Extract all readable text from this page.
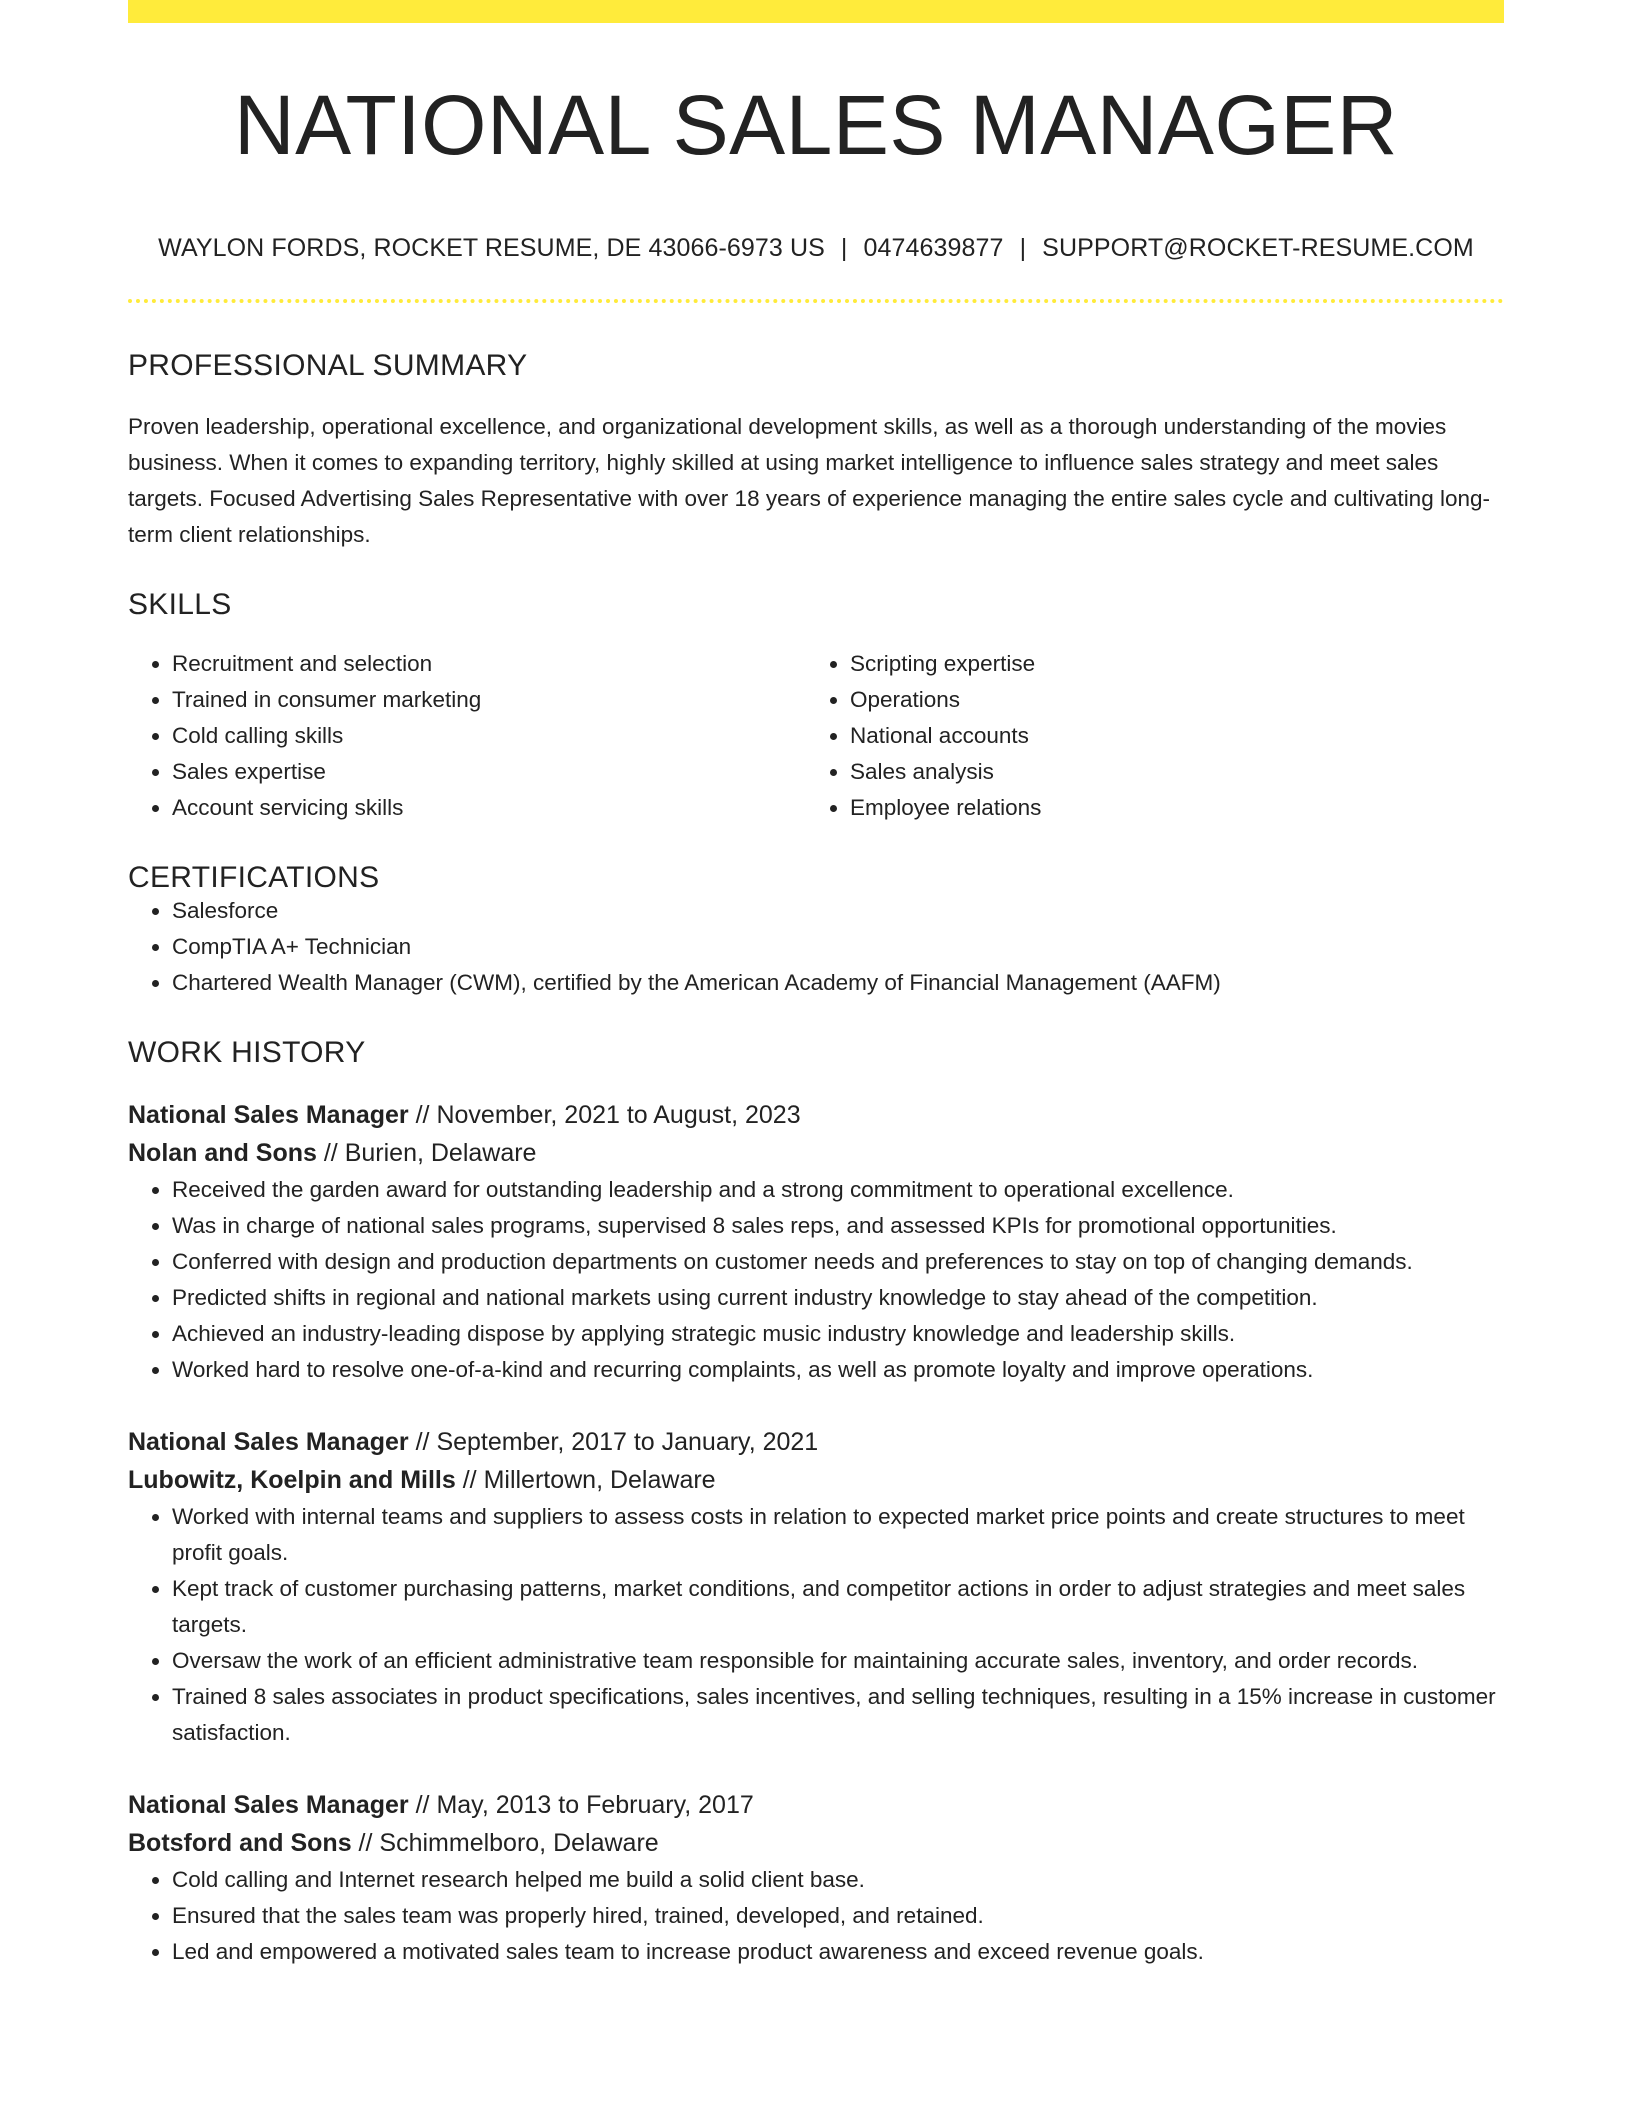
NATIONAL SALES MANAGER
WAYLON FORDS, ROCKET RESUME, DE 43066-6973 US | 0474639877 | SUPPORT@ROCKET-RESUME.COM
PROFESSIONAL SUMMARY
Proven leadership, operational excellence, and organizational development skills, as well as a thorough understanding of the movies business. When it comes to expanding territory, highly skilled at using market intelligence to influence sales strategy and meet sales targets. Focused Advertising Sales Representative with over 18 years of experience managing the entire sales cycle and cultivating long-term client relationships.
SKILLS
• Recruitment and selection
• Trained in consumer marketing
• Cold calling skills
• Sales expertise
• Account servicing skills
• Scripting expertise
• Operations
• National accounts
• Sales analysis
• Employee relations
CERTIFICATIONS
• Salesforce
• CompTIA A+ Technician
• Chartered Wealth Manager (CWM), certified by the American Academy of Financial Management (AAFM)
WORK HISTORY
National Sales Manager // November, 2021 to August, 2023
Nolan and Sons // Burien, Delaware
• Received the garden award for outstanding leadership and a strong commitment to operational excellence.
• Was in charge of national sales programs, supervised 8 sales reps, and assessed KPIs for promotional opportunities.
• Conferred with design and production departments on customer needs and preferences to stay on top of changing demands.
• Predicted shifts in regional and national markets using current industry knowledge to stay ahead of the competition.
• Achieved an industry-leading dispose by applying strategic music industry knowledge and leadership skills.
• Worked hard to resolve one-of-a-kind and recurring complaints, as well as promote loyalty and improve operations.
National Sales Manager // September, 2017 to January, 2021
Lubowitz, Koelpin and Mills // Millertown, Delaware
• Worked with internal teams and suppliers to assess costs in relation to expected market price points and create structures to meet profit goals.
• Kept track of customer purchasing patterns, market conditions, and competitor actions in order to adjust strategies and meet sales targets.
• Oversaw the work of an efficient administrative team responsible for maintaining accurate sales, inventory, and order records.
• Trained 8 sales associates in product specifications, sales incentives, and selling techniques, resulting in a 15% increase in customer satisfaction.
National Sales Manager // May, 2013 to February, 2017
Botsford and Sons // Schimmelboro, Delaware
• Cold calling and Internet research helped me build a solid client base.
• Ensured that the sales team was properly hired, trained, developed, and retained.
• Led and empowered a motivated sales team to increase product awareness and exceed revenue goals.
